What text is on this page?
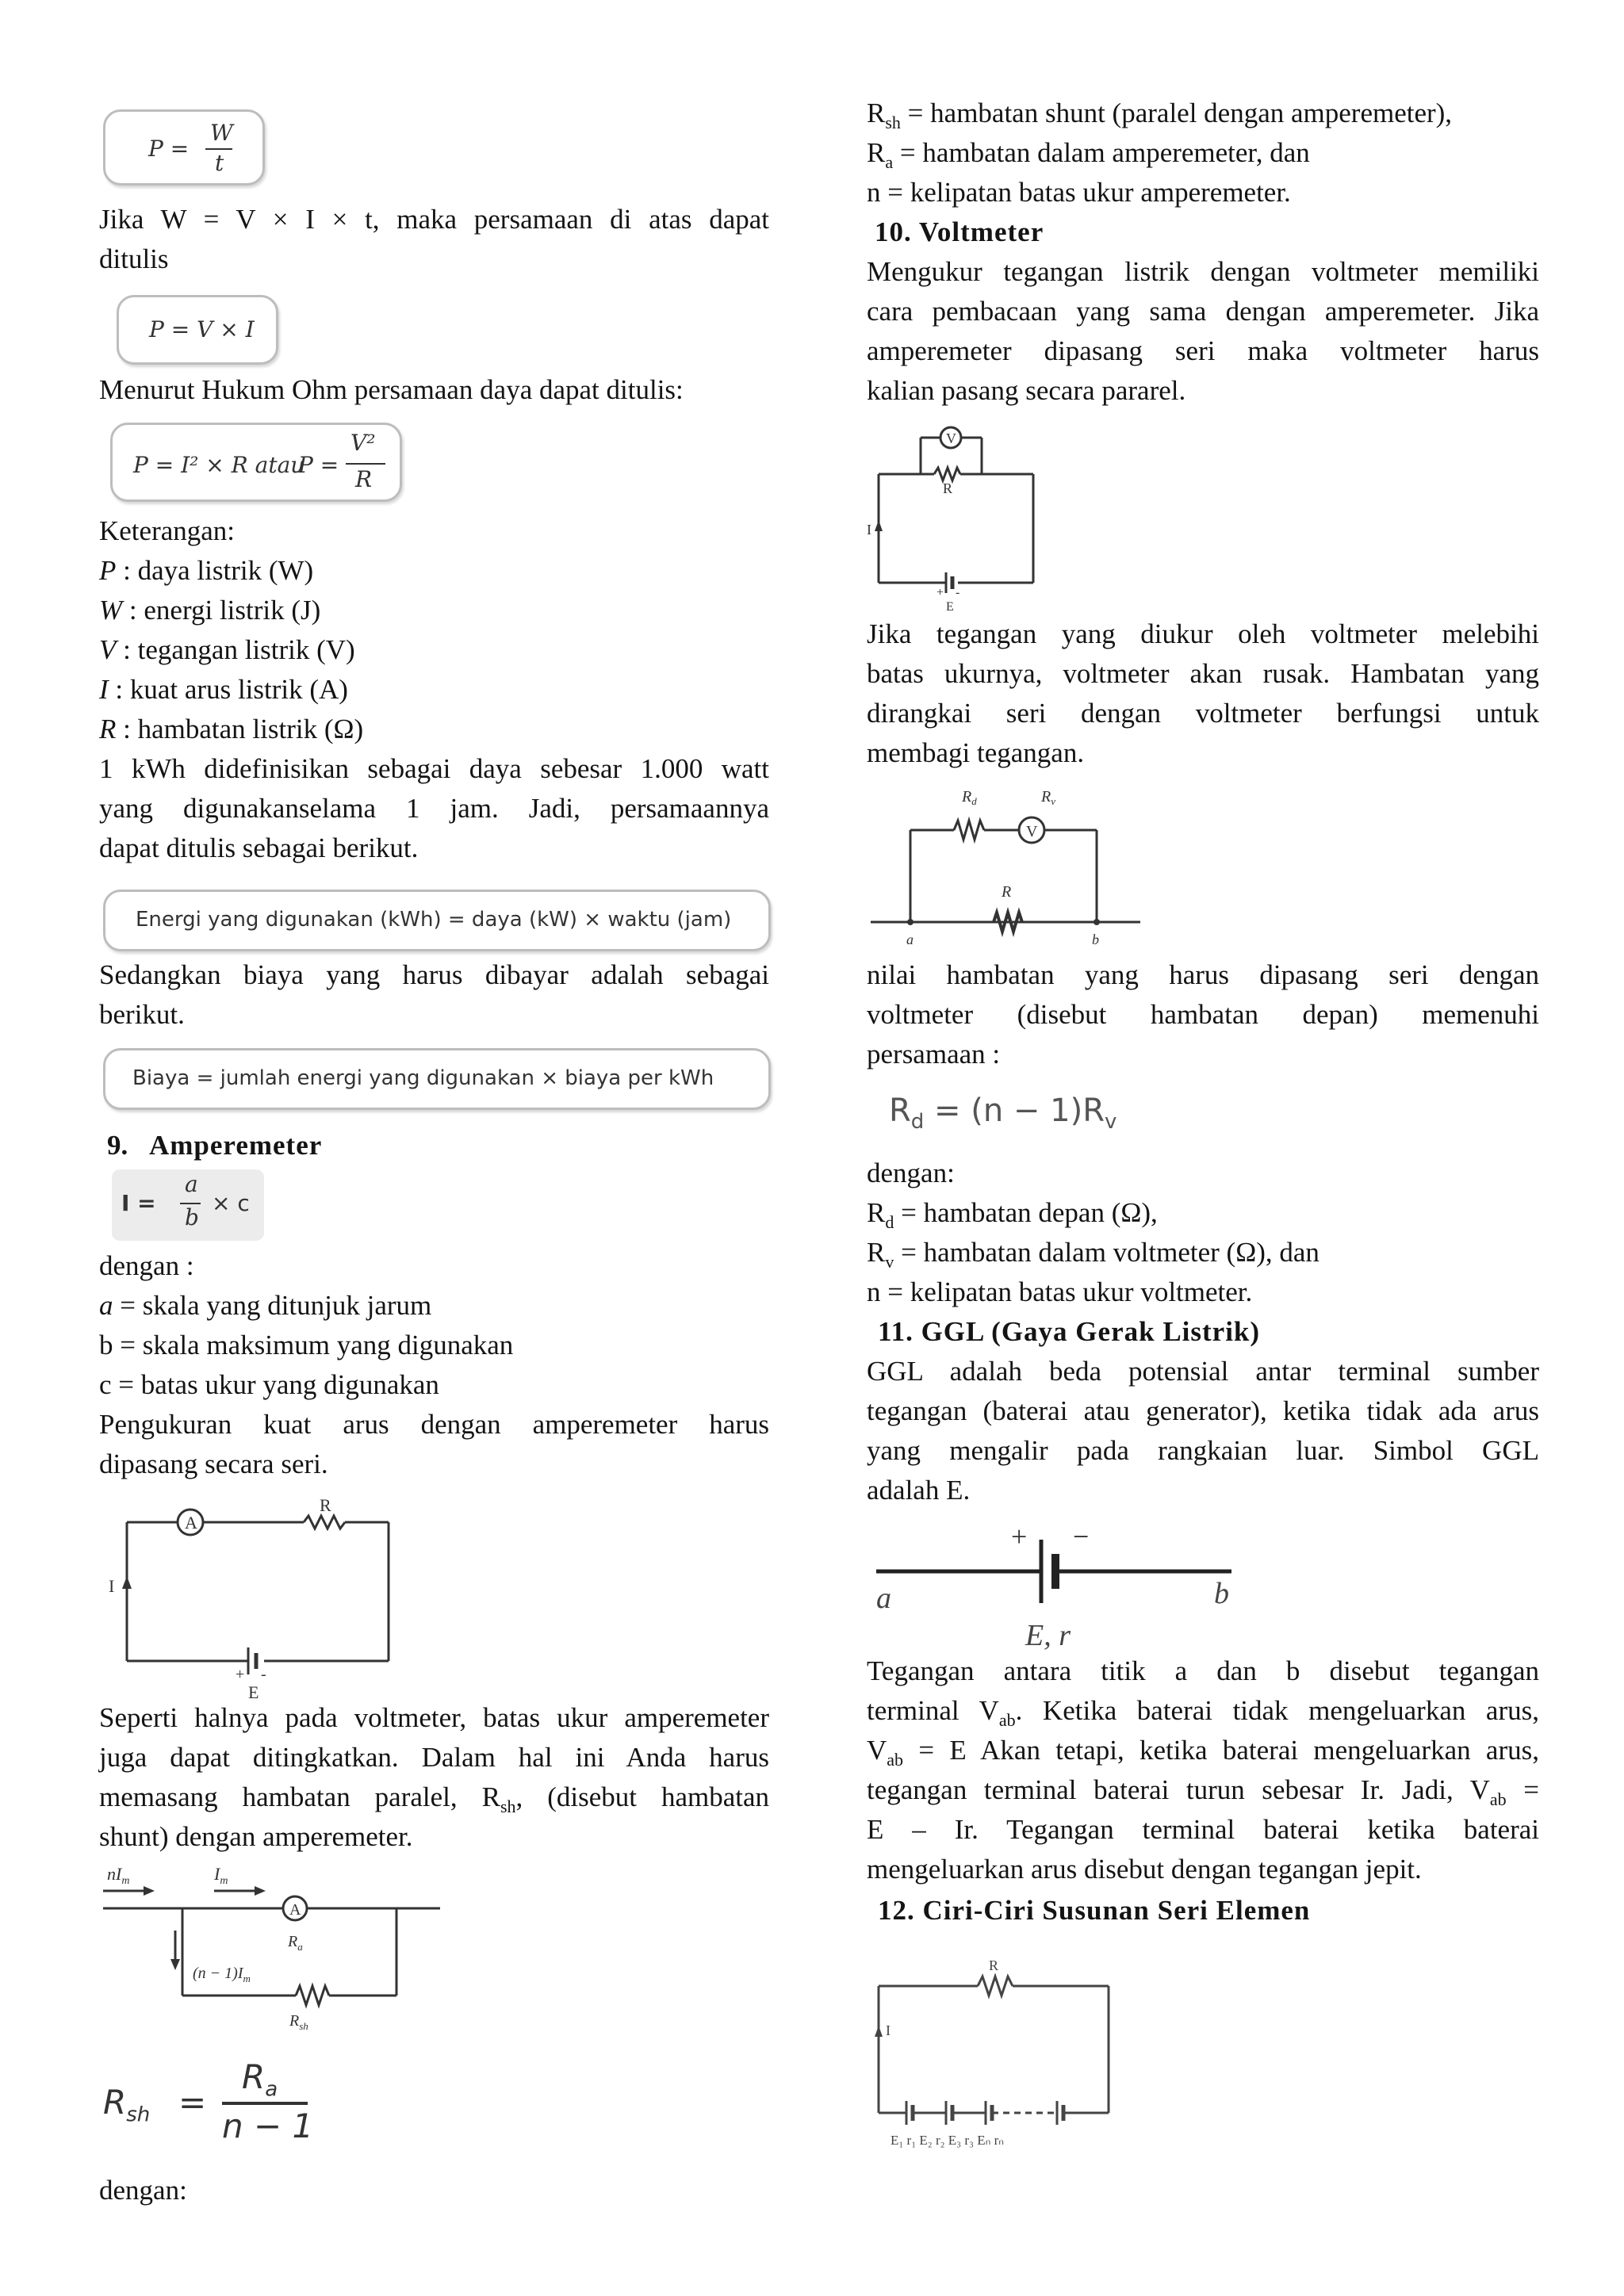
P =
W
t

Jika W = V × I × t, maka persamaan di atas dapat

ditulis

P = V × I

Menurut Hukum Ohm persamaan daya dapat ditulis:

P = I² × R atau
P =
V²
R

Keterangan:

P : daya listrik (W)

W : energi listrik (J)

V : tegangan listrik (V)

I : kuat arus listrik (A)

R : hambatan listrik (Ω)

1 kWh didefinisikan sebagai daya sebesar 1.000 watt

yang digunakanselama 1 jam. Jadi, persamaannya

dapat ditulis sebagai berikut.

Energi yang digunakan (kWh) = daya (kW) × waktu (jam)

Sedangkan biaya yang harus dibayar adalah sebagai

berikut.

Biaya = jumlah energi yang digunakan × biaya per kWh
9. Amperemeter
I =
a
b
× c

dengan :

a = skala yang ditunjuk jarum

b = skala maksimum yang digunakan

c = batas ukur yang digunakan

Pengukuran kuat arus dengan amperemeter harus

dipasang secara seri.

A
R
I
+ -
E

Seperti halnya pada voltmeter, batas ukur amperemeter

juga dapat ditingkatkan. Dalam hal ini Anda harus

memasang hambatan paralel, $R_{sh}$, (disebut hambatan

shunt) dengan amperemeter.

$nI_m$	$I_m$
A
$R_a$
$(n - 1)I_m$
$R_{sh}$
$R_{sh}$ =
$R_a$
n − 1

dengan:

$R_{sh}$ = hambatan shunt (paralel dengan amperemeter),

$R_a$ = hambatan dalam amperemeter, dan

n = kelipatan batas ukur amperemeter.

10. Voltmeter

Mengukur tegangan listrik dengan voltmeter memiliki

cara pembacaan yang sama dengan amperemeter. Jika

amperemeter dipasang seri maka voltmeter harus

kalian pasang secara pararel.

V
R
I
+ -
E

Jika tegangan yang diukur oleh voltmeter melebihi

batas ukurnya, voltmeter akan rusak. Hambatan yang

dirangkai seri dengan voltmeter berfungsi untuk

membagi tegangan.

$R_d$	$R_v$
V
R
a	b

nilai hambatan yang harus dipasang seri dengan

voltmeter (disebut hambatan depan) memenuhi

persamaan :

$R_d = (n - 1)R_v$

dengan:

$R_d$ = hambatan depan (Ω),

$R_v$ = hambatan dalam voltmeter (Ω), dan

n = kelipatan batas ukur voltmeter.

11. GGL (Gaya Gerak Listrik)

GGL adalah beda potensial antar terminal sumber

tegangan (baterai atau generator), ketika tidak ada arus

yang mengalir pada rangkaian luar. Simbol GGL

adalah E.

+ −
a	b
E, r

Tegangan antara titik a dan b disebut tegangan

terminal $V_{ab}$. Ketika baterai tidak mengeluarkan arus,

$V_{ab} = E$ Akan tetapi, ketika baterai mengeluarkan arus,

tegangan terminal baterai turun sebesar Ir. Jadi, $V_{ab}$ =

E – Ir. Tegangan terminal baterai ketika baterai

mengeluarkan arus disebut dengan tegangan jepit.

12. Ciri-Ciri Susunan Seri Elemen
R
I
E₁ r₁ E₂ r₂ E₃ r₃ Eₙ rₙ
